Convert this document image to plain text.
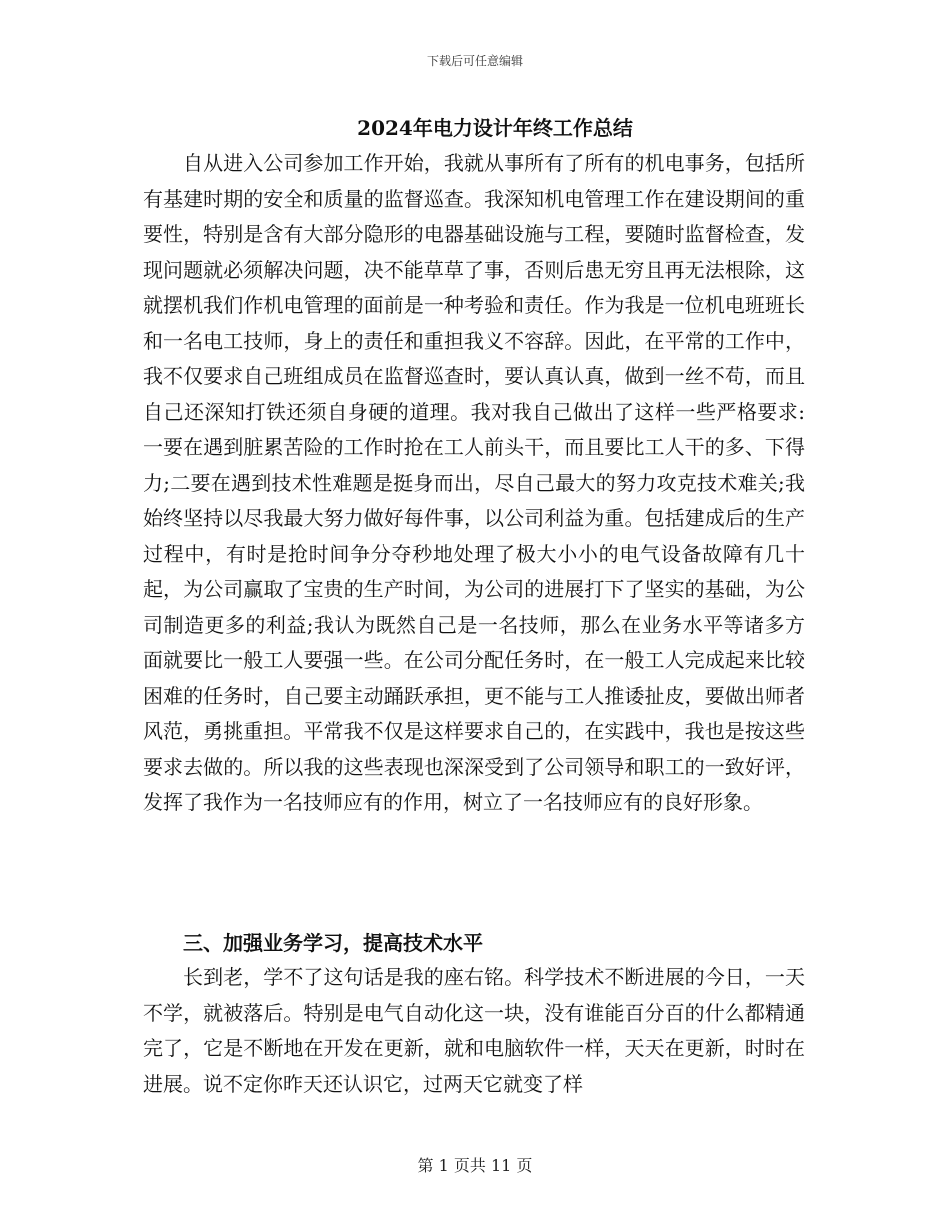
下载后可任意编辑
2024年电力设计年终工作总结

自从进入公司参加工作开始，我就从事所有了所有的机电事务，包括所有基建时期的安全和质量的监督巡查。我深知机电管理工作在建设期间的重要性，特别是含有大部分隐形的电器基础设施与工程，要随时监督检查，发现问题就必须解决问题，决不能草草了事，否则后患无穷且再无法根除，这就摆机我们作机电管理的面前是一种考验和责任。作为我是一位机电班班长和一名电工技师，身上的责任和重担我义不容辞。因此，在平常的工作中，我不仅要求自己班组成员在监督巡查时，要认真认真，做到一丝不苟，而且自己还深知打铁还须自身硬的道理。我对我自己做出了这样一些严格要求:一要在遇到脏累苦险的工作时抢在工人前头干，而且要比工人干的多、下得力;二要在遇到技术性难题是挺身而出，尽自己最大的努力攻克技术难关;我始终坚持以尽我最大努力做好每件事，以公司利益为重。包括建成后的生产过程中，有时是抢时间争分夺秒地处理了极大小小的电气设备故障有几十起，为公司赢取了宝贵的生产时间，为公司的进展打下了坚实的基础，为公司制造更多的利益;我认为既然自己是一名技师，那么在业务水平等诸多方面就要比一般工人要强一些。在公司分配任务时，在一般工人完成起来比较困难的任务时，自己要主动踊跃承担，更不能与工人推诿扯皮，要做出师者风范，勇挑重担。平常我不仅是这样要求自己的，在实践中，我也是按这些要求去做的。所以我的这些表现也深深受到了公司领导和职工的一致好评，发挥了我作为一名技师应有的作用，树立了一名技师应有的良好形象。

三、加强业务学习，提高技术水平

长到老，学不了这句话是我的座右铭。科学技术不断进展的今日，一天不学，就被落后。特别是电气自动化这一块，没有谁能百分百的什么都精通完了，它是不断地在开发在更新，就和电脑软件一样，天天在更新，时时在进展。说不定你昨天还认识它，过两天它就变了样

第 1 页共 11 页
